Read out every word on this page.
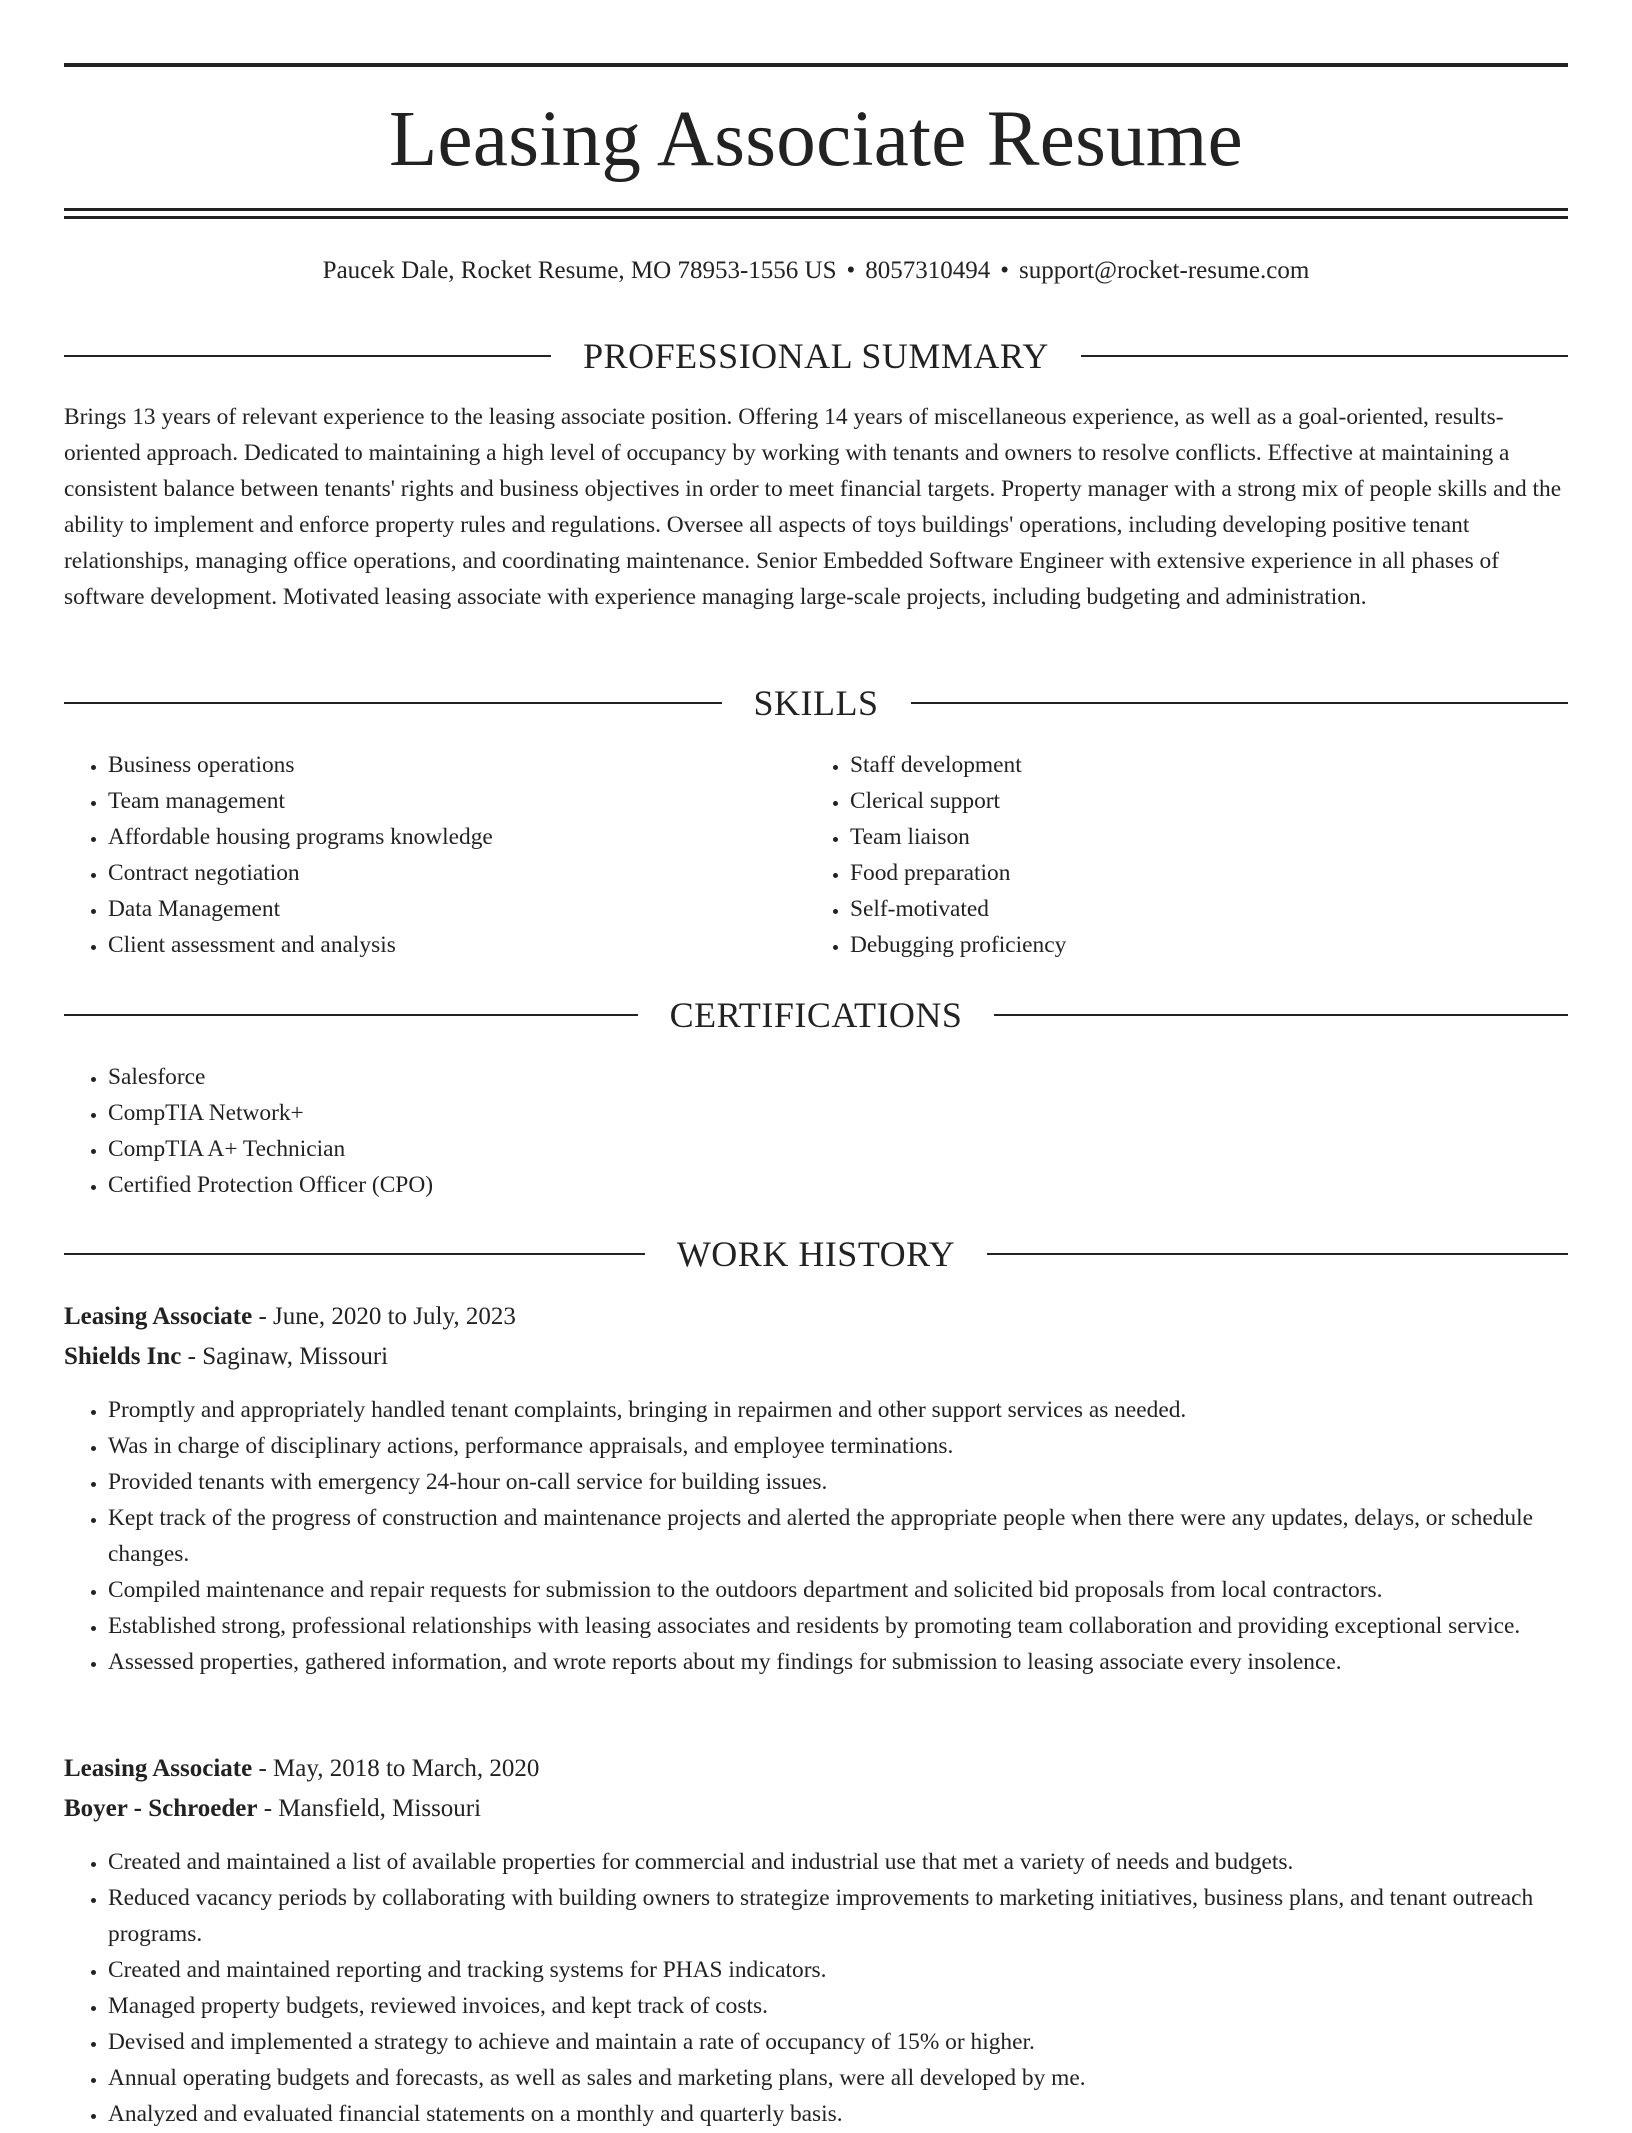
Leasing Associate Resume
Paucek Dale, Rocket Resume, MO 78953-1556 US • 8057310494 • support@rocket-resume.com
PROFESSIONAL SUMMARY

Brings 13 years of relevant experience to the leasing associate position. Offering 14 years of miscellaneous experience, as well as a goal-oriented, results-oriented approach. Dedicated to maintaining a high level of occupancy by working with tenants and owners to resolve conflicts. Effective at maintaining a consistent balance between tenants' rights and business objectives in order to meet financial targets. Property manager with a strong mix of people skills and the ability to implement and enforce property rules and regulations. Oversee all aspects of toys buildings' operations, including developing positive tenant relationships, managing office operations, and coordinating maintenance. Senior Embedded Software Engineer with extensive experience in all phases of software development. Motivated leasing associate with experience managing large-scale projects, including budgeting and administration.

SKILLS
• Business operations
• Team management
• Affordable housing programs knowledge
• Contract negotiation
• Data Management
• Client assessment and analysis
• Staff development
• Clerical support
• Team liaison
• Food preparation
• Self-motivated
• Debugging proficiency
CERTIFICATIONS
• Salesforce
• CompTIA Network+
• CompTIA A+ Technician
• Certified Protection Officer (CPO)
WORK HISTORY

Leasing Associate - June, 2020 to July, 2023

Shields Inc - Saginaw, Missouri

• Promptly and appropriately handled tenant complaints, bringing in repairmen and other support services as needed.
• Was in charge of disciplinary actions, performance appraisals, and employee terminations.
• Provided tenants with emergency 24-hour on-call service for building issues.
• Kept track of the progress of construction and maintenance projects and alerted the appropriate people when there were any updates, delays, or schedule changes.
• Compiled maintenance and repair requests for submission to the outdoors department and solicited bid proposals from local contractors.
• Established strong, professional relationships with leasing associates and residents by promoting team collaboration and providing exceptional service.
• Assessed properties, gathered information, and wrote reports about my findings for submission to leasing associate every insolence.

Leasing Associate - May, 2018 to March, 2020

Boyer - Schroeder - Mansfield, Missouri

• Created and maintained a list of available properties for commercial and industrial use that met a variety of needs and budgets.
• Reduced vacancy periods by collaborating with building owners to strategize improvements to marketing initiatives, business plans, and tenant outreach programs.
• Created and maintained reporting and tracking systems for PHAS indicators.
• Managed property budgets, reviewed invoices, and kept track of costs.
• Devised and implemented a strategy to achieve and maintain a rate of occupancy of 15% or higher.
• Annual operating budgets and forecasts, as well as sales and marketing plans, were all developed by me.
• Analyzed and evaluated financial statements on a monthly and quarterly basis.
